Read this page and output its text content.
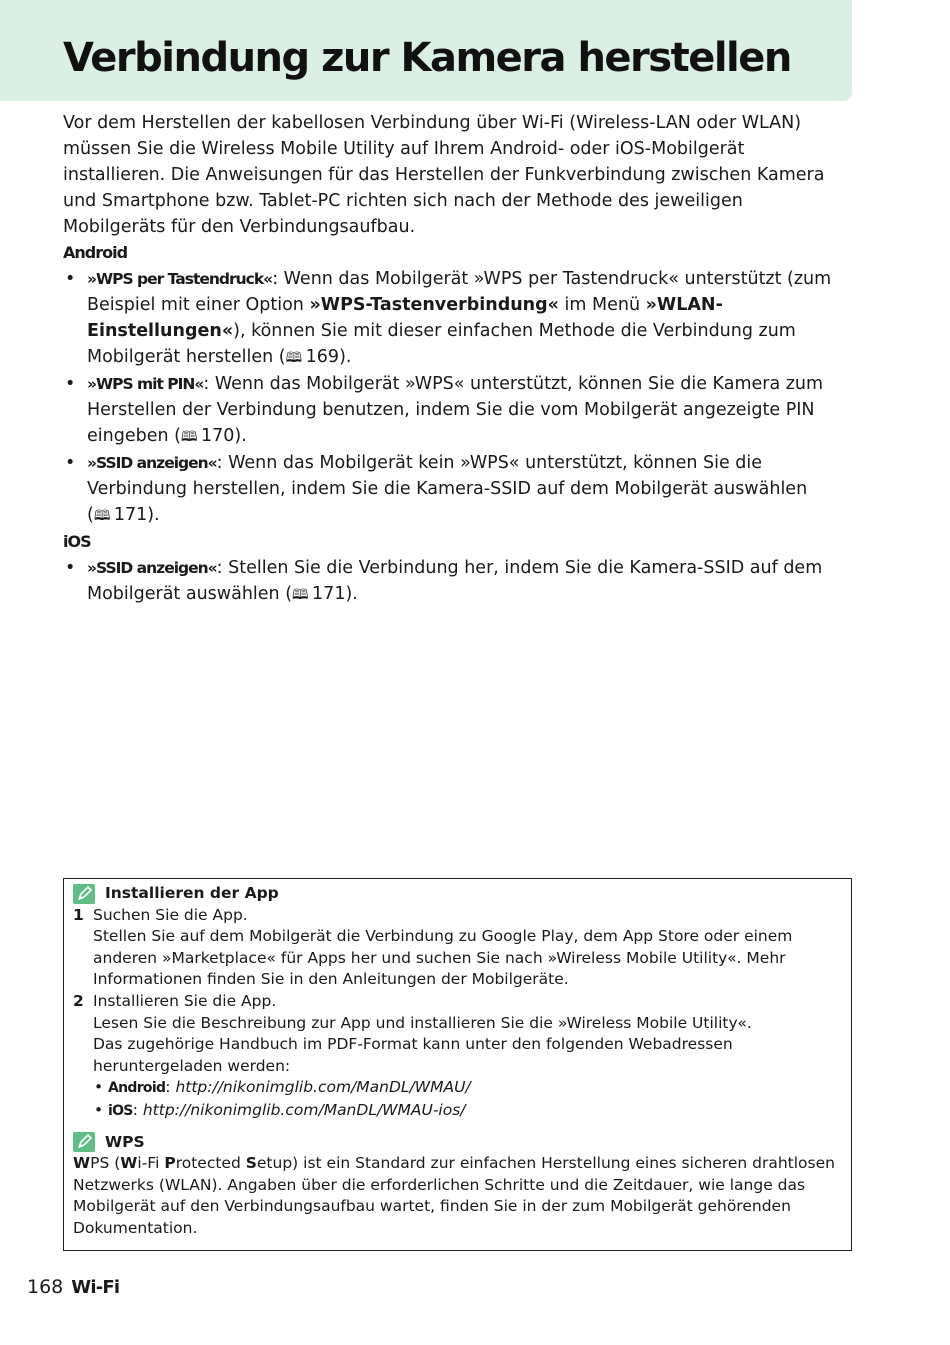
Verbindung zur Kamera herstellen

Vor dem Herstellen der kabellosen Verbindung über Wi-Fi (Wireless-LAN oder WLAN) müssen Sie die Wireless Mobile Utility auf Ihrem Android- oder iOS-Mobilgerät installieren. Die Anweisungen für das Herstellen der Funkverbindung zwischen Kamera und Smartphone bzw. Tablet-PC richten sich nach der Methode des jeweiligen Mobilgeräts für den Verbindungsaufbau.

Android
• »WPS per Tastendruck«: Wenn das Mobilgerät »WPS per Tastendruck« unterstützt (zum Beispiel mit einer Option »WPS-Tastenverbindung« im Menü »WLAN-Einstellungen«), können Sie mit dieser einfachen Methode die Verbindung zum Mobilgerät herstellen (🕮  169).
• »WPS mit PIN«: Wenn das Mobilgerät »WPS« unterstützt, können Sie die Kamera zum Herstellen der Verbindung benutzen, indem Sie die vom Mobilgerät angezeigte PIN eingeben (🕮  170).
• »SSID anzeigen«: Wenn das Mobilgerät kein »WPS« unterstützt, können Sie die Verbindung herstellen, indem Sie die Kamera-SSID auf dem Mobilgerät auswählen (🕮  171).
iOS
• »SSID anzeigen«: Stellen Sie die Verbindung her, indem Sie die Kamera-SSID auf dem Mobilgerät auswählen (🕮  171).
Installieren der App
1 Suchen Sie die App.
Stellen Sie auf dem Mobilgerät die Verbindung zu Google Play, dem App Store oder einem anderen »Marketplace« für Apps her und suchen Sie nach »Wireless Mobile Utility«. Mehr Informationen finden Sie in den Anleitungen der Mobilgeräte.
2 Installieren Sie die App.
Lesen Sie die Beschreibung zur App und installieren Sie die »Wireless Mobile Utility«.
Das zugehörige Handbuch im PDF-Format kann unter den folgenden Webadressen heruntergeladen werden:
• Android: http://nikonimglib.com/ManDL/WMAU/
• iOS: http://nikonimglib.com/ManDL/WMAU-ios/
WPS
WPS (Wi-Fi Protected Setup) ist ein Standard zur einfachen Herstellung eines sicheren drahtlosen Netzwerks (WLAN). Angaben über die erforderlichen Schritte und die Zeitdauer, wie lange das Mobilgerät auf den Verbindungsaufbau wartet, finden Sie in der zum Mobilgerät gehörenden Dokumentation.
168 Wi-Fi
